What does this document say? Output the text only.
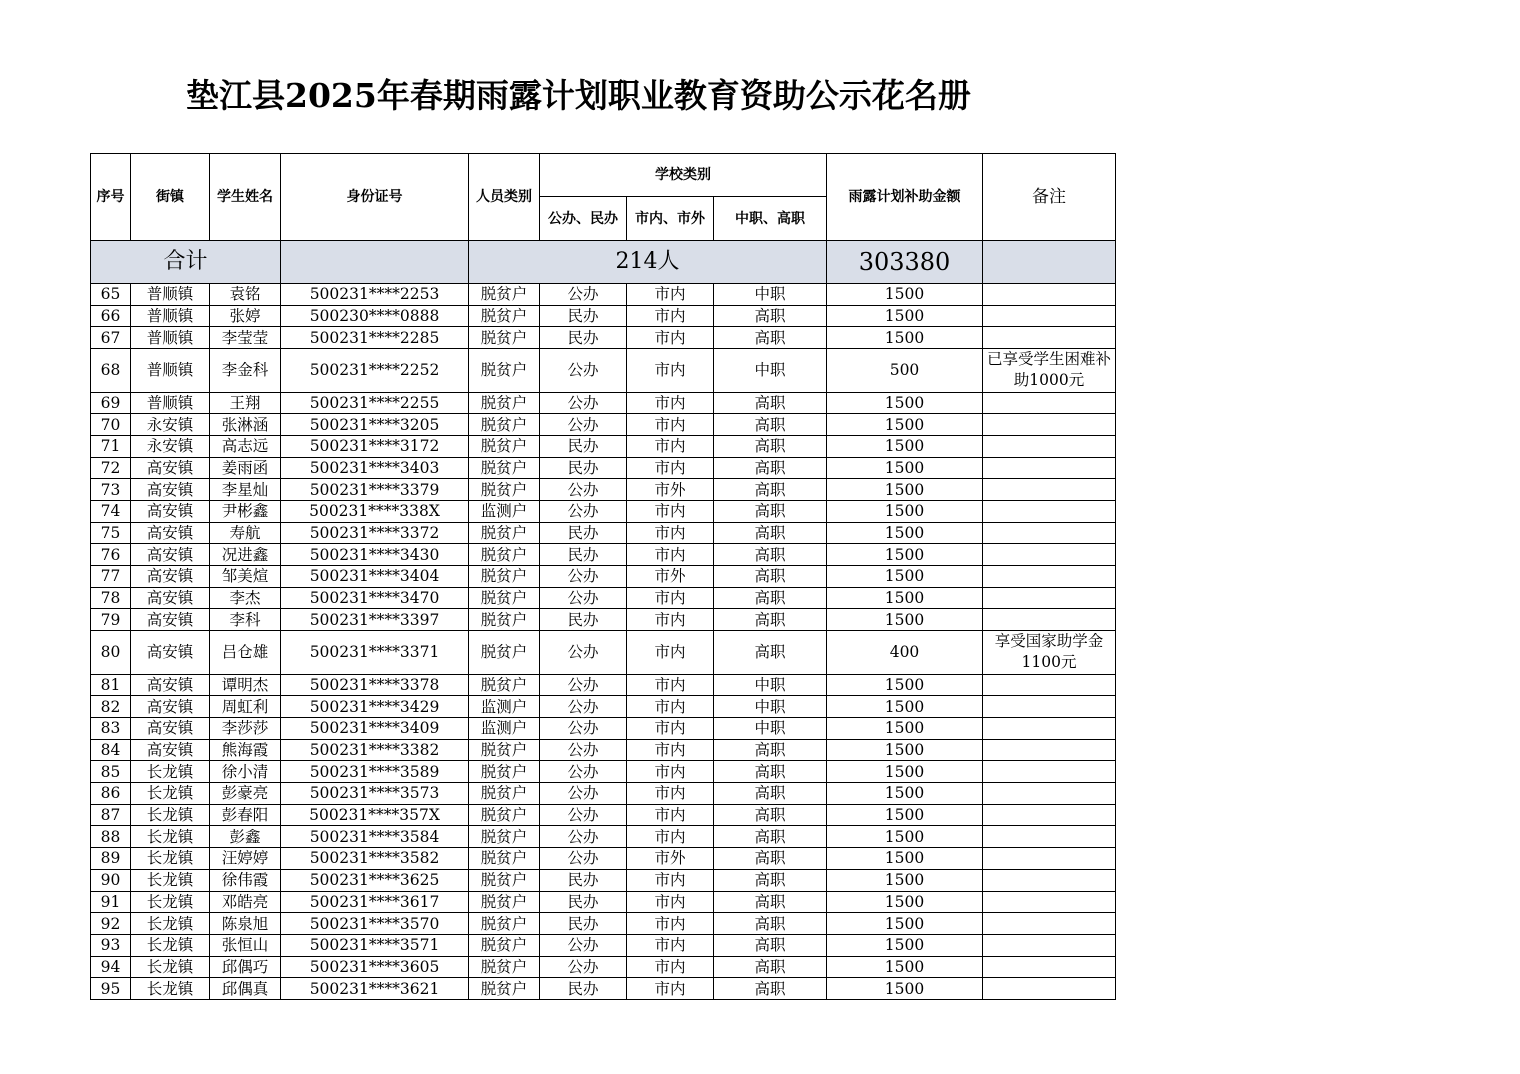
垫江县2025年春期雨露计划职业教育资助公示花名册
序号	街镇	学生姓名	身份证号	人员类别	学校类别			雨露计划补助金额	备注
					公办、民办	市内、市外	中职、高职		
合计				214人				303380	
65	普顺镇	袁铭	500231****2253	脱贫户	公办	市内	中职	1500	
66	普顺镇	张婷	500230****0888	脱贫户	民办	市内	高职	1500	
67	普顺镇	李莹莹	500231****2285	脱贫户	民办	市内	高职	1500	
68	普顺镇	李金科	500231****2252	脱贫户	公办	市内	中职	500	已享受学生困难补助1000元
69	普顺镇	王翔	500231****2255	脱贫户	公办	市内	高职	1500	
70	永安镇	张淋涵	500231****3205	脱贫户	公办	市内	高职	1500	
71	永安镇	高志远	500231****3172	脱贫户	民办	市内	高职	1500	
72	高安镇	姜雨函	500231****3403	脱贫户	民办	市内	高职	1500	
73	高安镇	李星灿	500231****3379	脱贫户	公办	市外	高职	1500	
74	高安镇	尹彬鑫	500231****338X	监测户	公办	市内	高职	1500	
75	高安镇	寿航	500231****3372	脱贫户	民办	市内	高职	1500	
76	高安镇	况进鑫	500231****3430	脱贫户	民办	市内	高职	1500	
77	高安镇	邹美煊	500231****3404	脱贫户	公办	市外	高职	1500	
78	高安镇	李杰	500231****3470	脱贫户	公办	市内	高职	1500	
79	高安镇	李科	500231****3397	脱贫户	民办	市内	高职	1500	
80	高安镇	吕仓雄	500231****3371	脱贫户	公办	市内	高职	400	享受国家助学金1100元
81	高安镇	谭明杰	500231****3378	脱贫户	公办	市内	中职	1500	
82	高安镇	周虹利	500231****3429	监测户	公办	市内	中职	1500	
83	高安镇	李莎莎	500231****3409	监测户	公办	市内	中职	1500	
84	高安镇	熊海霞	500231****3382	脱贫户	公办	市内	高职	1500	
85	长龙镇	徐小清	500231****3589	脱贫户	公办	市内	高职	1500	
86	长龙镇	彭豪亮	500231****3573	脱贫户	公办	市内	高职	1500	
87	长龙镇	彭春阳	500231****357X	脱贫户	公办	市内	高职	1500	
88	长龙镇	彭鑫	500231****3584	脱贫户	公办	市内	高职	1500	
89	长龙镇	汪婷婷	500231****3582	脱贫户	公办	市外	高职	1500	
90	长龙镇	徐伟霞	500231****3625	脱贫户	民办	市内	高职	1500	
91	长龙镇	邓皓亮	500231****3617	脱贫户	民办	市内	高职	1500	
92	长龙镇	陈泉旭	500231****3570	脱贫户	民办	市内	高职	1500	
93	长龙镇	张恒山	500231****3571	脱贫户	公办	市内	高职	1500	
94	长龙镇	邱偶巧	500231****3605	脱贫户	公办	市内	高职	1500	
95	长龙镇	邱偶真	500231****3621	脱贫户	民办	市内	高职	1500	
